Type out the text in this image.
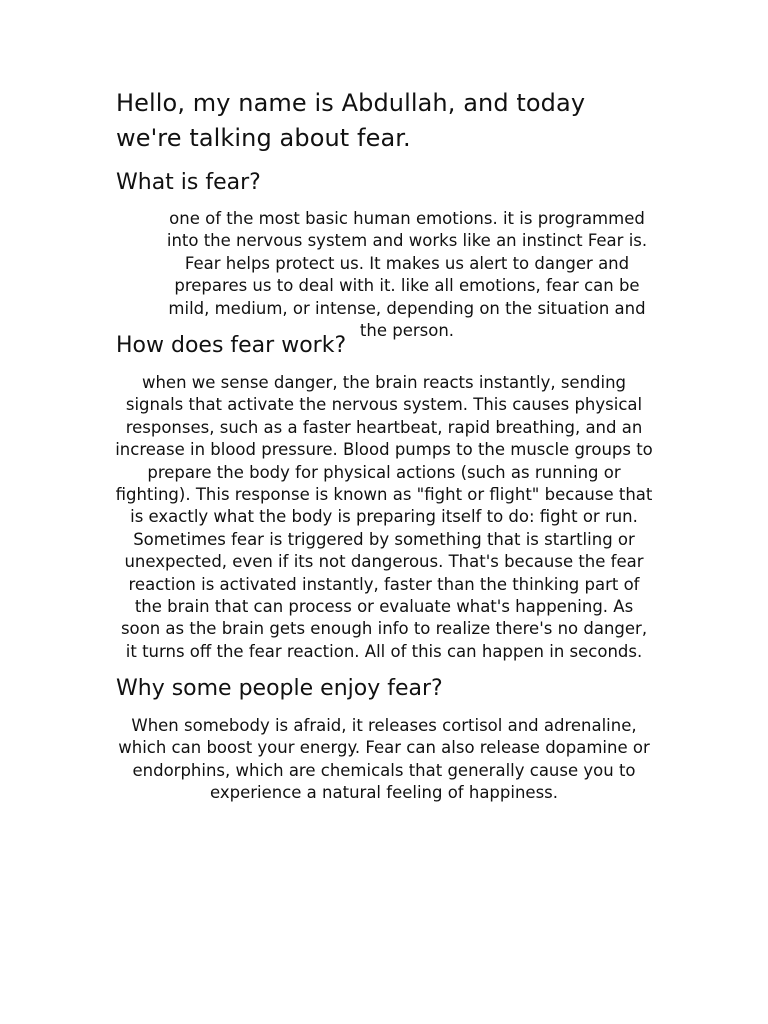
Hello, my name is Abdullah, and today we're talking about fear.
What is fear?

one of the most basic human emotions. it is programmed into the nervous system and works like an instinct Fear is. Fear helps protect us. It makes us alert to danger and prepares us to deal with it. like all emotions, fear can be mild, medium, or intense, depending on the situation and the person.

How does fear work?

when we sense danger, the brain reacts instantly, sending signals that activate the nervous system. This causes physical responses, such as a faster heartbeat, rapid breathing, and an increase in blood pressure. Blood pumps to the muscle groups to prepare the body for physical actions (such as running or fighting). This response is known as "fight or flight" because that is exactly what the body is preparing itself to do: fight or run. Sometimes fear is triggered by something that is startling or unexpected, even if its not dangerous. That's because the fear reaction is activated instantly, faster than the thinking part of the brain that can process or evaluate what's happening. As soon as the brain gets enough info to realize there's no danger, it turns off the fear reaction. All of this can happen in seconds.

Why some people enjoy fear?

When somebody is afraid, it releases cortisol and adrenaline, which can boost your energy. Fear can also release dopamine or endorphins, which are chemicals that generally cause you to experience a natural feeling of happiness.
